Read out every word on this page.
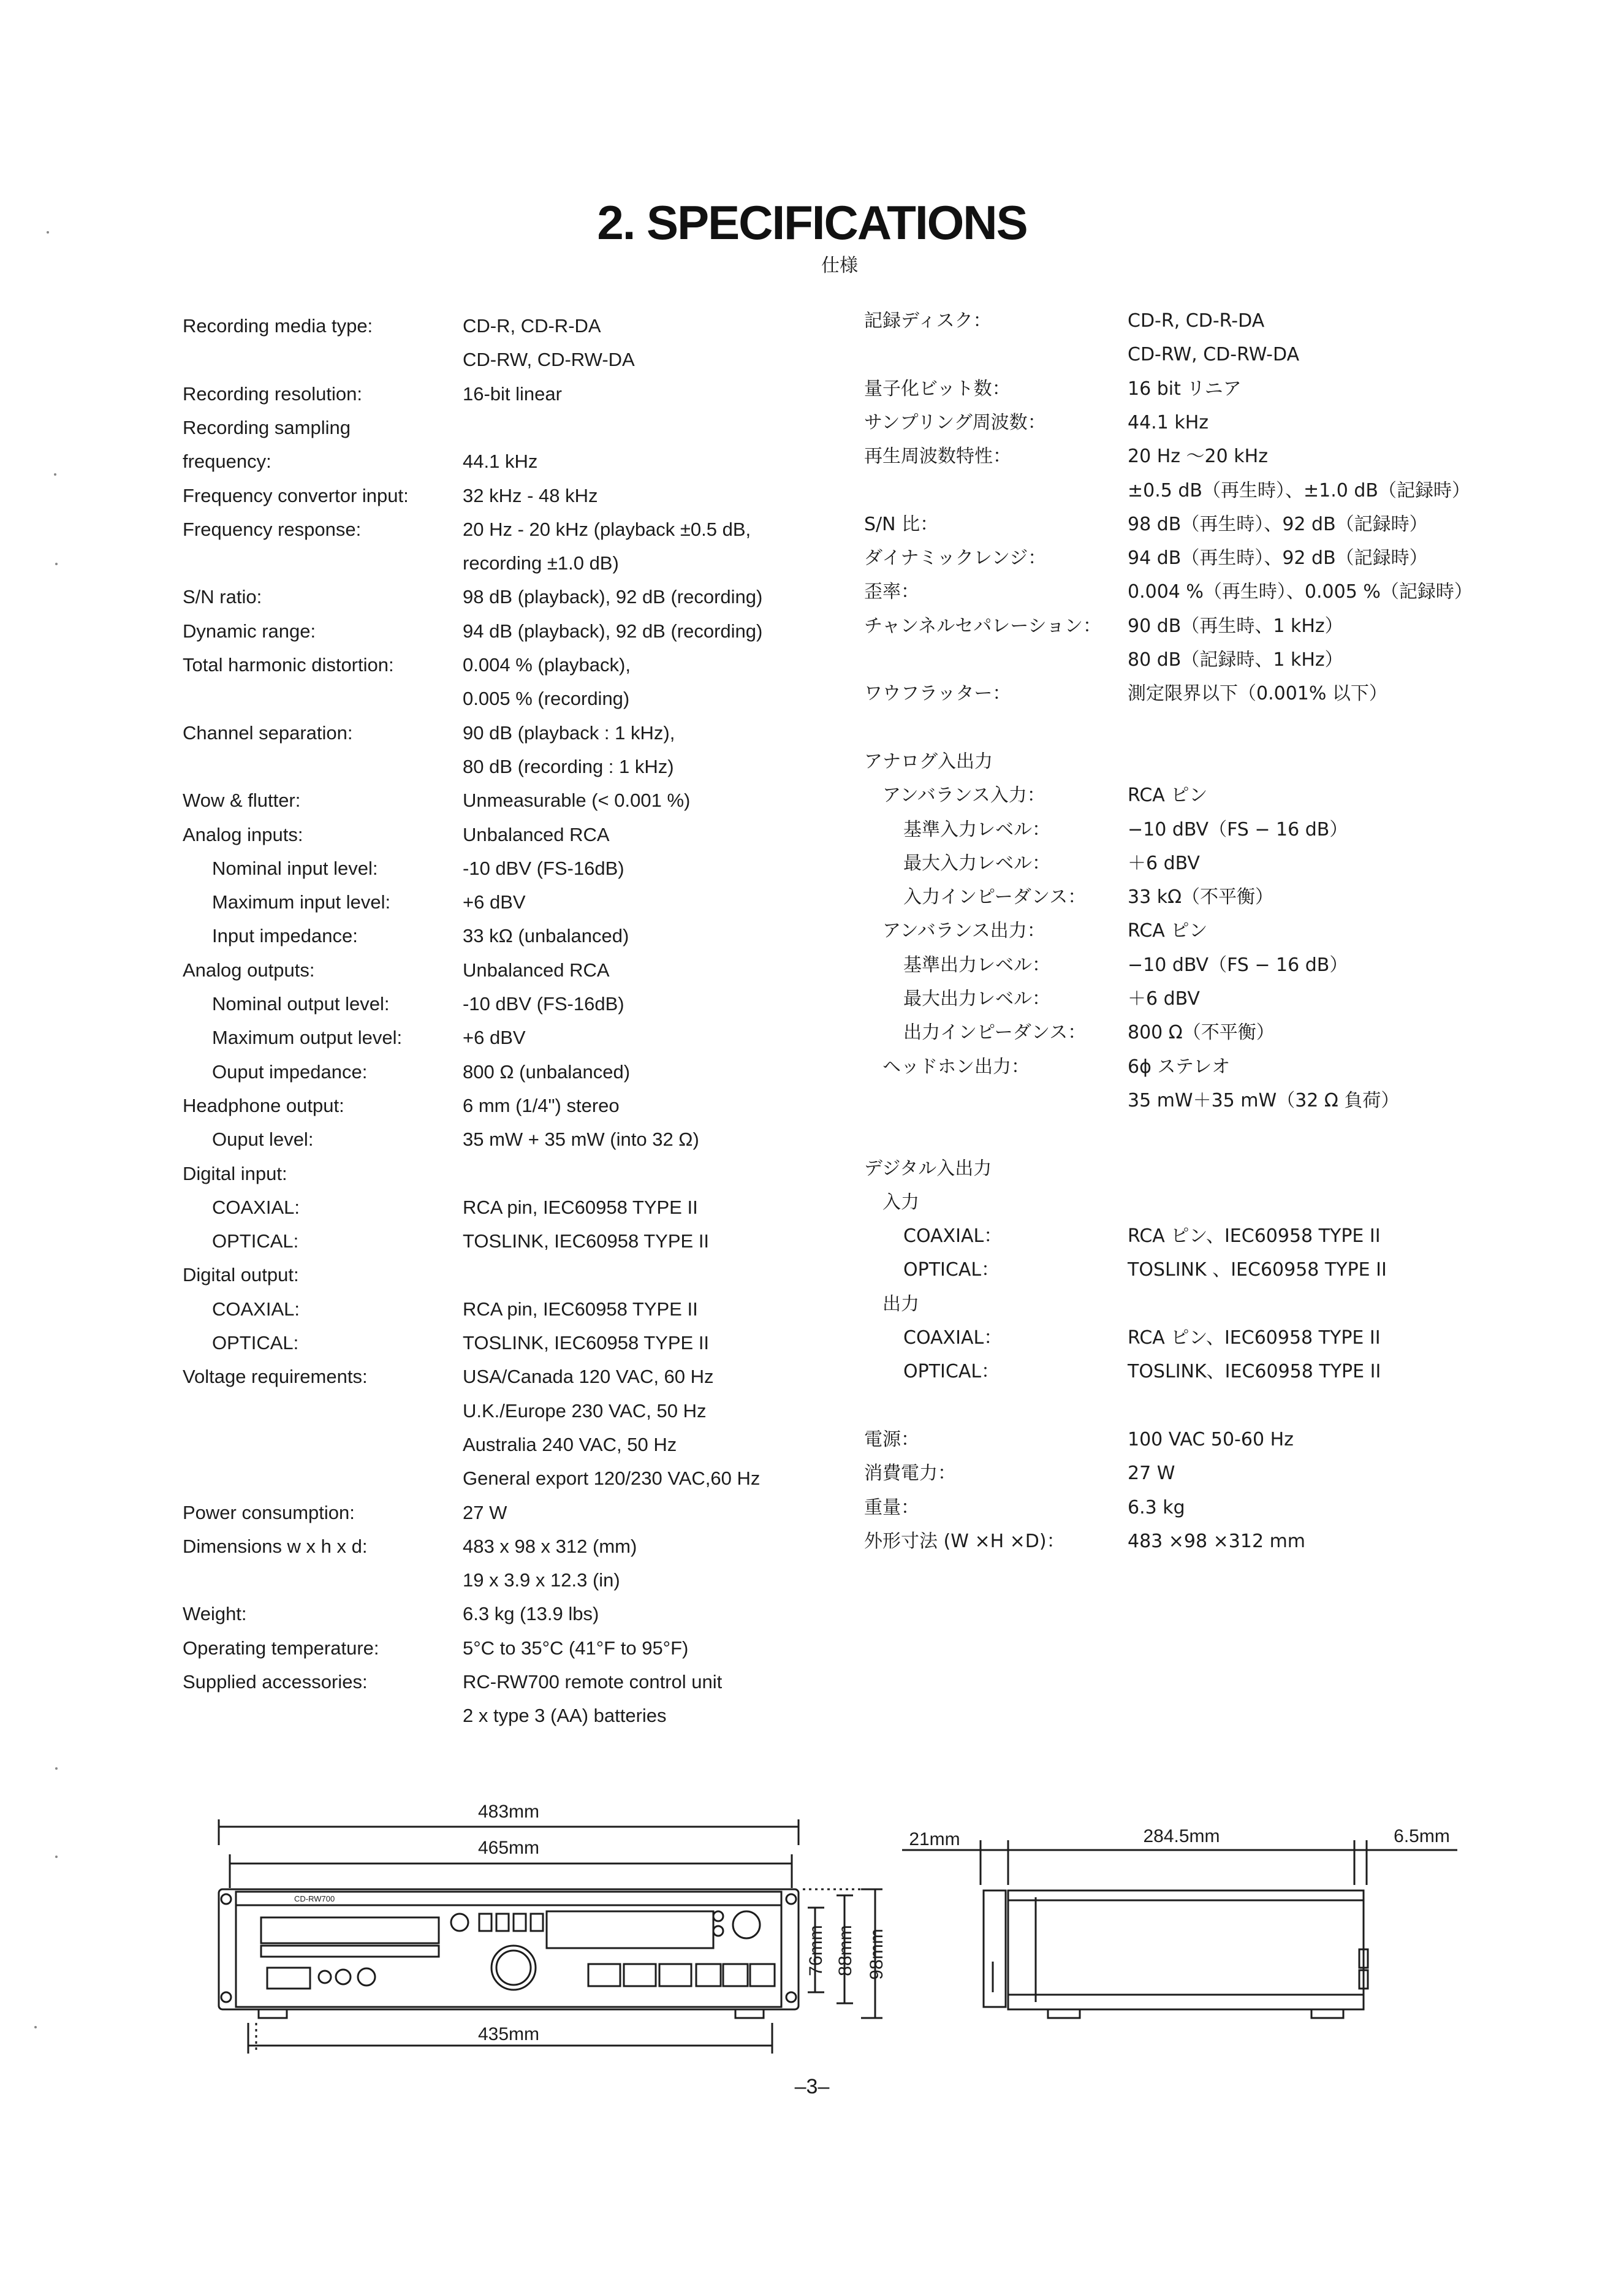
2. SPECIFICATIONS
仕様
Recording media type:	CD-R, CD-R-DA
CD-RW, CD-RW-DA
Recording resolution:	16-bit linear
Recording sampling
frequency:	44.1 kHz
Frequency convertor input:	32 kHz - 48 kHz
Frequency response:	20 Hz - 20 kHz (playback ±0.5 dB,
recording ±1.0 dB)
S/N ratio:	98 dB (playback), 92 dB (recording)
Dynamic range:	94 dB (playback), 92 dB (recording)
Total harmonic distortion:	0.004 % (playback),
0.005 % (recording)
Channel separation:	90 dB (playback : 1 kHz),
80 dB (recording : 1 kHz)
Wow & flutter:	Unmeasurable (< 0.001 %)
Analog inputs:	Unbalanced RCA
Nominal input level:	-10 dBV (FS-16dB)
Maximum input level:	+6 dBV
Input impedance:	33 kΩ (unbalanced)
Analog outputs:	Unbalanced RCA
Nominal output level:	-10 dBV (FS-16dB)
Maximum output level:	+6 dBV
Ouput impedance:	800 Ω (unbalanced)
Headphone output:	6 mm (1/4") stereo
Ouput level:	35 mW + 35 mW (into 32 Ω)
Digital input:
COAXIAL:	RCA pin, IEC60958 TYPE II
OPTICAL:	TOSLINK, IEC60958 TYPE II
Digital output:
COAXIAL:	RCA pin, IEC60958 TYPE II
OPTICAL:	TOSLINK, IEC60958 TYPE II
Voltage requirements:	USA/Canada 120 VAC, 60 Hz
U.K./Europe 230 VAC, 50 Hz
Australia 240 VAC, 50 Hz
General export 120/230 VAC,60 Hz
Power consumption:	27 W
Dimensions w x h x d:	483 x 98 x 312 (mm)
19 x 3.9 x 12.3 (in)
Weight:	6.3 kg (13.9 lbs)
Operating temperature:	5°C to 35°C (41°F to 95°F)
Supplied accessories:	RC-RW700 remote control unit
2 x type 3 (AA) batteries
記録ディスク：	CD-R, CD-R-DA
CD-RW, CD-RW-DA
量子化ビット数：	16 bit リニア
サンプリング周波数：	44.1 kHz
再生周波数特性：	20 Hz ～20 kHz
±0.5 dB（再生時）、±1.0 dB（記録時）
S/N 比：	98 dB（再生時）、92 dB（記録時）
ダイナミックレンジ：	94 dB（再生時）、92 dB（記録時）
歪率：	0.004 %（再生時）、0.005 %（記録時）
チャンネルセパレーション： 90 dB（再生時、1 kHz）
80 dB（記録時、1 kHz）
ワウフラッター：	測定限界以下（0.001% 以下）
アナログ入出力
アンバランス入力：	RCA ピン
基準入力レベル：	−10 dBV（FS − 16 dB）
最大入力レベル：	＋6 dBV
入力インピーダンス： 33 kΩ（不平衡）
アンバランス出力：	RCA ピン
基準出力レベル：	−10 dBV（FS − 16 dB）
最大出力レベル：	＋6 dBV
出力インピーダンス： 800 Ω（不平衡）
ヘッドホン出力：	6ϕ ステレオ
35 mW＋35 mW（32 Ω 負荷）
デジタル入出力
入力
COAXIAL：	RCA ピン、IEC60958 TYPE II
OPTICAL：	TOSLINK 、IEC60958 TYPE II
出力
COAXIAL：	RCA ピン、IEC60958 TYPE II
OPTICAL：	TOSLINK、IEC60958 TYPE II
電源：	100 VAC 50-60 Hz
消費電力：	27 W
重量：	6.3 kg
外形寸法 (W ×H ×D)：	483 ×98 ×312 mm
483mm
465mm
435mm
76mm 88mm 98mm
21mm	284.5mm	6.5mm
CD-RW700
–3–
